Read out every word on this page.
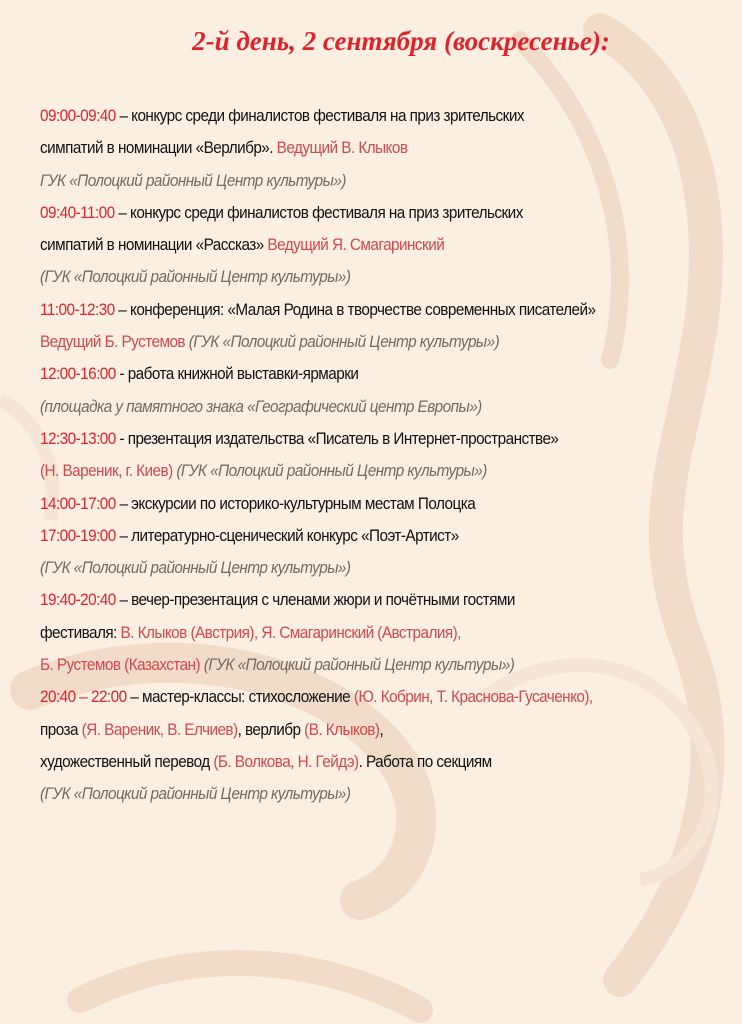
2-й день, 2 сентября (воскресенье):
09:00-09:40 – конкурс среди финалистов фестиваля на приз зрительских
симпатий в номинации «Верлибр». Ведущий В. Клыков
ГУК «Полоцкий районный Центр культуры»)
09:40-11:00 – конкурс среди финалистов фестиваля на приз зрительских
симпатий в номинации «Рассказ» Ведущий Я. Смагаринский
(ГУК «Полоцкий районный Центр культуры»)
11:00-12:30 – конференция: «Малая Родина в творчестве современных писателей»
Ведущий Б. Рустемов (ГУК «Полоцкий районный Центр культуры»)
12:00-16:00 - работа книжной выставки-ярмарки
(площадка у памятного знака «Географический центр Европы»)
12:30-13:00 - презентация издательства «Писатель в Интернет-пространстве»
(Н. Вареник, г. Киев) (ГУК «Полоцкий районный Центр культуры»)
14:00-17:00 – экскурсии по историко-культурным местам Полоцка
17:00-19:00 – литературно-сценический конкурс «Поэт-Артист»
(ГУК «Полоцкий районный Центр культуры»)
19:40-20:40 – вечер-презентация с членами жюри и почётными гостями
фестиваля: В. Клыков (Австрия), Я. Смагаринский (Австралия),
Б. Рустемов (Казахстан) (ГУК «Полоцкий районный Центр культуры»)
20:40 – 22:00 – мастер-классы: стихосложение (Ю. Кобрин, Т. Краснова-Гусаченко),
проза (Я. Вареник, В. Елчиев), верлибр (В. Клыков),
художественный перевод (Б. Волкова, Н. Гейдэ). Работа по секциям
(ГУК «Полоцкий районный Центр культуры»)
